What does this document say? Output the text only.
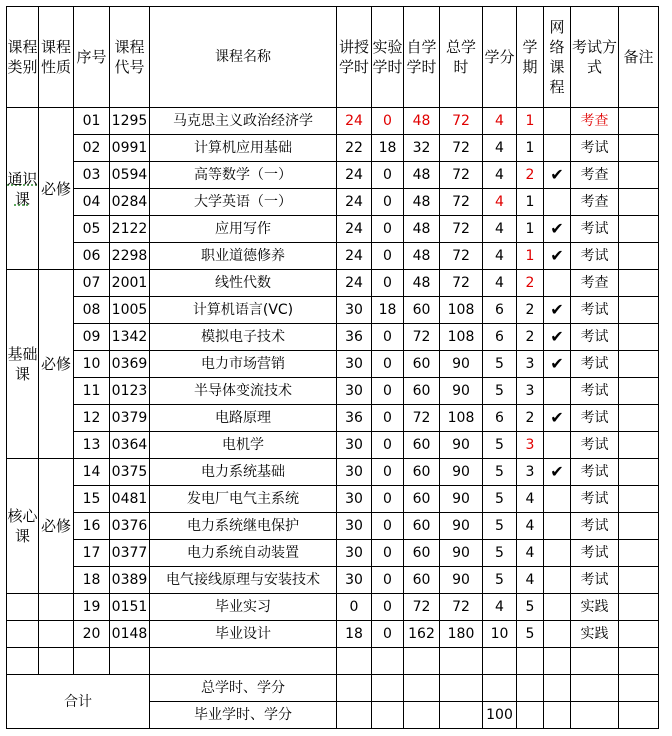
课程类别	课程性质	序号	课程代号	课程名称	讲授学时	实验学时	自学学时	总学时	学分	学期	网络课程	考试方式	备注
通识课	必修	01	1295	马克思主义政治经济学	24	0	48	72	4	1		考查	
		02	0991	计算机应用基础	22	18	32	72	4	1		考试	
		03	0594	高等数学（一）	24	0	48	72	4	2	✔	考查	
		04	0284	大学英语（一）	24	0	48	72	4	1		考查	
		05	2122	应用写作	24	0	48	72	4	1	✔	考试	
		06	2298	职业道德修养	24	0	48	72	4	1	✔	考试	
基础课	必修	07	2001	线性代数	24	0	48	72	4	2		考查	
		08	1005	计算机语言(VC)	30	18	60	108	6	2	✔	考试	
		09	1342	模拟电子技术	36	0	72	108	6	2	✔	考试	
		10	0369	电力市场营销	30	0	60	90	5	3	✔	考试	
		11	0123	半导体变流技术	30	0	60	90	5	3		考试	
		12	0379	电路原理	36	0	72	108	6	2	✔	考试	
		13	0364	电机学	30	0	60	90	5	3		考试	
核心课	必修	14	0375	电力系统基础	30	0	60	90	5	3	✔	考试	
		15	0481	发电厂电气主系统	30	0	60	90	5	4		考试	
		16	0376	电力系统继电保护	30	0	60	90	5	4		考试	
		17	0377	电力系统自动装置	30	0	60	90	5	4		考试	
		18	0389	电气接线原理与安装技术	30	0	60	90	5	4		考试	
		19	0151	毕业实习	0	0	72	72	4	5		实践	
		20	0148	毕业设计	18	0	162	180	10	5		实践	

合计				总学时、学分									
				毕业学时、学分					100				
